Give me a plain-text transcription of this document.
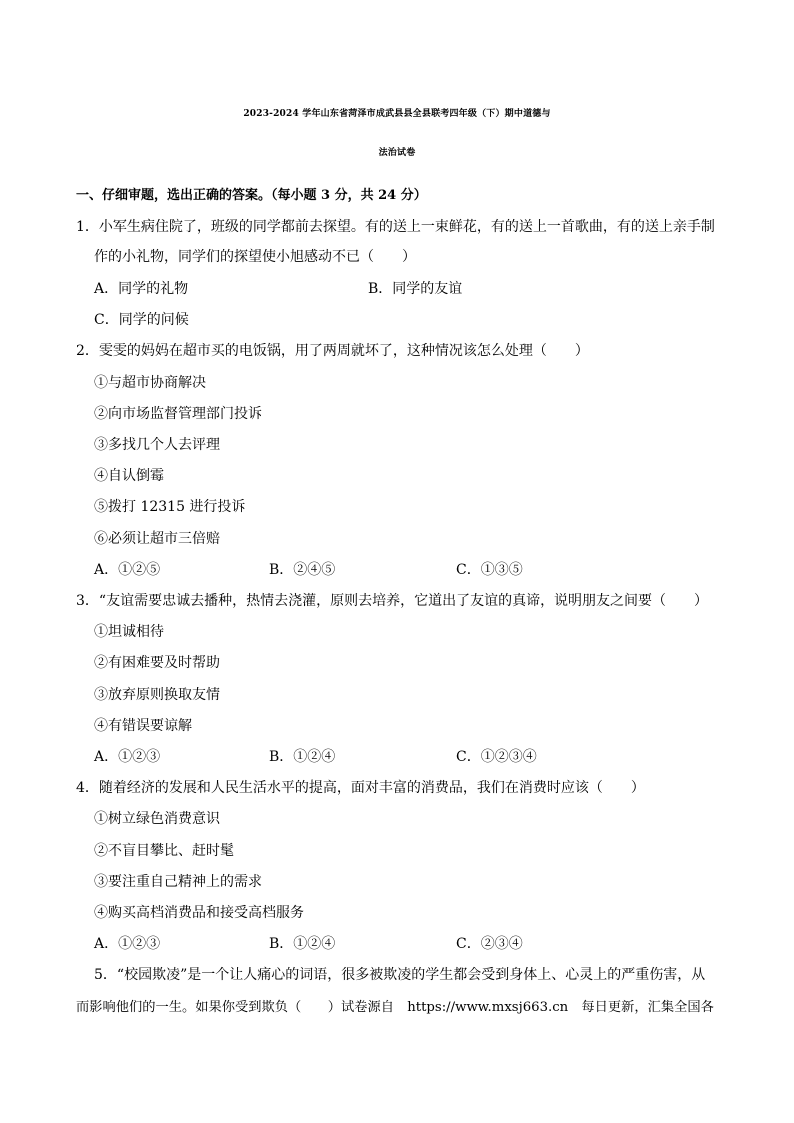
2023-2024 学年山东省菏泽市成武县县全县联考四年级（下）期中道德与
法治试卷
一、仔细审题，选出正确的答案。（每小题 3 分，共 24 分）
1．小军生病住院了，班级的同学都前去探望。有的送上一束鲜花，有的送上一首歌曲，有的送上亲手制
作的小礼物，同学们的探望使小旭感动不已（　　）
A．同学的礼物	B．同学的友谊
C．同学的问候
2．雯雯的妈妈在超市买的电饭锅，用了两周就坏了，这种情况该怎么处理（　　）
①与超市协商解决
②向市场监督管理部门投诉
③多找几个人去评理
④自认倒霉
⑤拨打 12315 进行投诉
⑥必须让超市三倍赔
A．①②⑤	B．②④⑤	C．①③⑤
3．“友谊需要忠诚去播种，热情去浇灌，原则去培养，它道出了友谊的真谛，说明朋友之间要（　　）
①坦诚相待
②有困难要及时帮助
③放弃原则换取友情
④有错误要谅解
A．①②③	B．①②④	C．①②③④
4．随着经济的发展和人民生活水平的提高，面对丰富的消费品，我们在消费时应该（　　）
①树立绿色消费意识
②不盲目攀比、赶时髦
③要注重自己精神上的需求
④购买高档消费品和接受高档服务
A．①②③	B．①②④	C．②③④
5．“校园欺凌”是一个让人痛心的词语，很多被欺凌的学生都会受到身体上、心灵上的严重伤害，从
而影响他们的一生。如果你受到欺负（　　）试卷源自　https://www.mxsj663.cn　每日更新，汇集全国各
